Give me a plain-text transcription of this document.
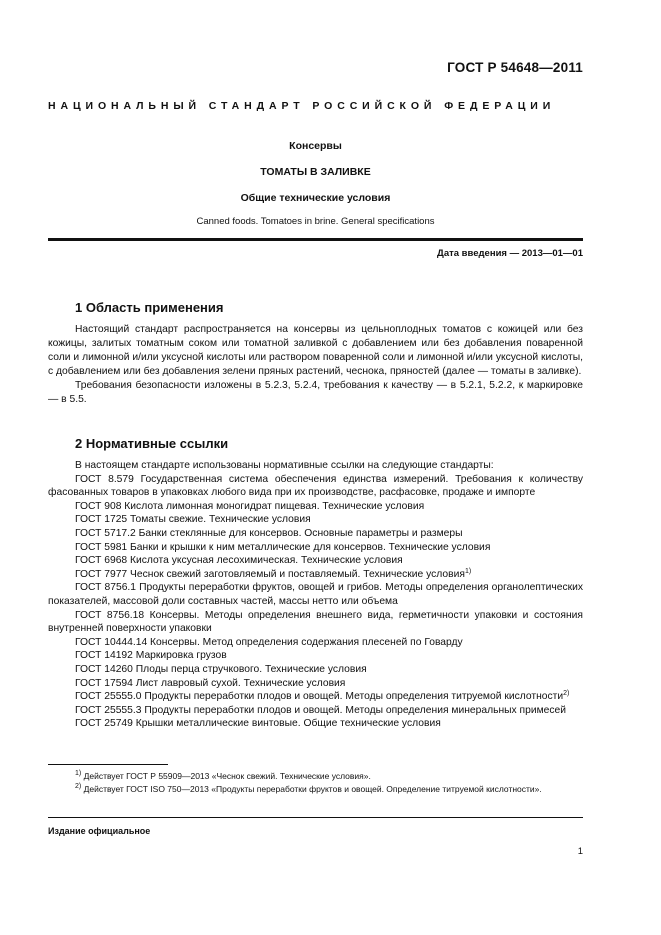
ГОСТ Р 54648—2011
НАЦИОНАЛЬНЫЙ СТАНДАРТ РОССИЙСКОЙ ФЕДЕРАЦИИ
Консервы
ТОМАТЫ В ЗАЛИВКЕ
Общие технические условия
Canned foods. Tomatoes in brine. General specifications
Дата введения — 2013—01—01
1 Область применения

Настоящий стандарт распространяется на консервы из цельноплодных томатов с кожицей или без кожицы, залитых томатным соком или томатной заливкой с добавлением или без добавления поваренной соли и лимонной и/или уксусной кислоты или раствором поваренной соли и лимонной и/или уксусной кислоты, с добавлением или без добавления зелени пряных растений, чеснока, пряностей (далее — томаты в заливке).

Требования безопасности изложены в 5.2.3, 5.2.4, требования к качеству — в 5.2.1, 5.2.2, к маркировке — в 5.5.

2 Нормативные ссылки
В настоящем стандарте использованы нормативные ссылки на следующие стандарты:
ГОСТ 8.579 Государственная система обеспечения единства измерений. Требования к количеству фасованных товаров в упаковках любого вида при их производстве, расфасовке, продаже и импорте
ГОСТ 908 Кислота лимонная моногидрат пищевая. Технические условия
ГОСТ 1725 Томаты свежие. Технические условия
ГОСТ 5717.2 Банки стеклянные для консервов. Основные параметры и размеры
ГОСТ 5981 Банки и крышки к ним металлические для консервов. Технические условия
ГОСТ 6968 Кислота уксусная лесохимическая. Технические условия
ГОСТ 7977 Чеснок свежий заготовляемый и поставляемый. Технические условия$^{1)}$
ГОСТ 8756.1 Продукты переработки фруктов, овощей и грибов. Методы определения органолептических показателей, массовой доли составных частей, массы нетто или объема
ГОСТ 8756.18 Консервы. Методы определения внешнего вида, герметичности упаковки и состояния внутренней поверхности упаковки
ГОСТ 10444.14 Консервы. Метод определения содержания плесеней по Говарду
ГОСТ 14192 Маркировка грузов
ГОСТ 14260 Плоды перца стручкового. Технические условия
ГОСТ 17594 Лист лавровый сухой. Технические условия
ГОСТ 25555.0 Продукты переработки плодов и овощей. Методы определения титруемой кислотности$^{2)}$
ГОСТ 25555.3 Продукты переработки плодов и овощей. Методы определения минеральных примесей
ГОСТ 25749 Крышки металлические винтовые. Общие технические условия
$^{1)}$ Действует ГОСТ Р 55909—2013 «Чеснок свежий. Технические условия».
$^{2)}$ Действует ГОСТ ISO 750—2013 «Продукты переработки фруктов и овощей. Определение титруемой кислотности».
Издание официальное
1
